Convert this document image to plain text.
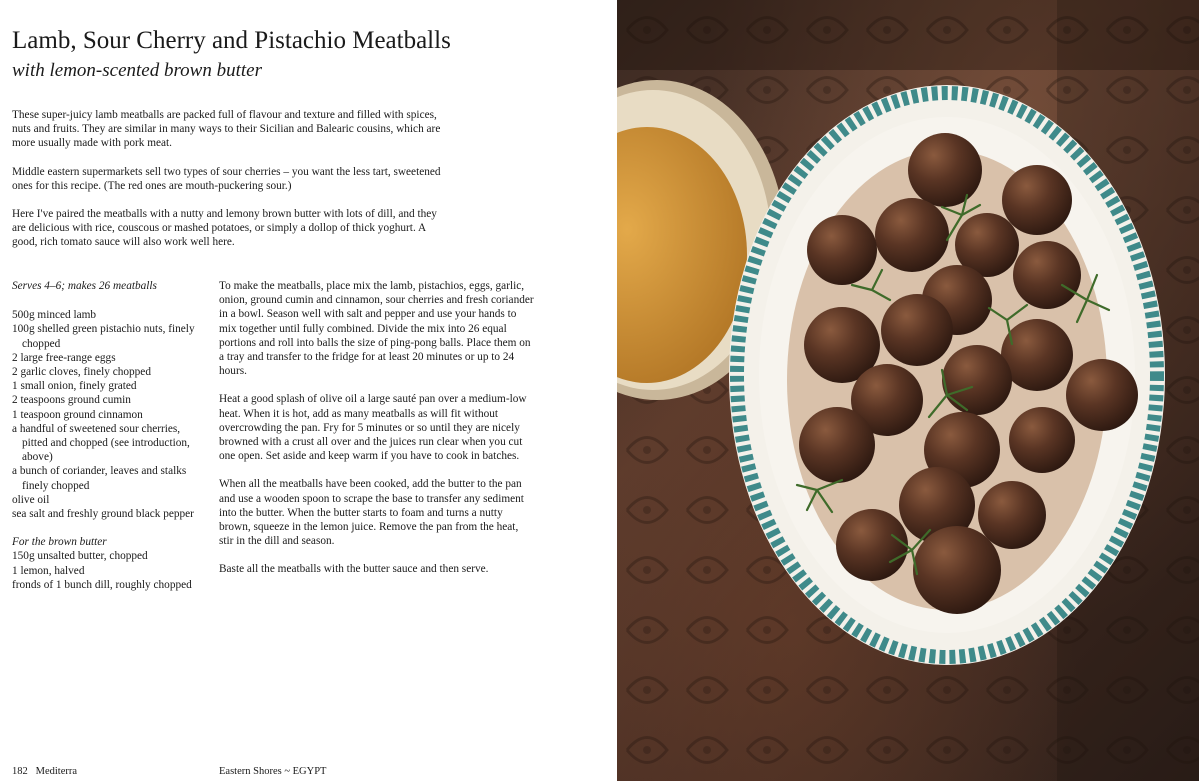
Lamb, Sour Cherry and Pistachio Meatballs
with lemon-scented brown butter

These super-juicy lamb meatballs are packed full of flavour and texture and filled with spices, nuts and fruits. They are similar in many ways to their Sicilian and Balearic cousins, which are more usually made with pork meat.

Middle eastern supermarkets sell two types of sour cherries – you want the less tart, sweetened ones for this recipe. (The red ones are mouth-puckering sour.)

Here I've paired the meatballs with a nutty and lemony brown butter with lots of dill, and they are delicious with rice, couscous or mashed potatoes, or simply a dollop of thick yoghurt. A good, rich tomato sauce will also work well here.

Serves 4–6; makes 26 meatballs
500g minced lamb
100g shelled green pistachio nuts, finely chopped
2 large free-range eggs
2 garlic cloves, finely chopped
1 small onion, finely grated
2 teaspoons ground cumin
1 teaspoon ground cinnamon
a handful of sweetened sour cherries, pitted and chopped (see introduction, above)
a bunch of coriander, leaves and stalks finely chopped
olive oil
sea salt and freshly ground black pepper
For the brown butter
150g unsalted butter, chopped
1 lemon, halved
fronds of 1 bunch dill, roughly chopped

To make the meatballs, place mix the lamb, pistachios, eggs, garlic, onion, ground cumin and cinnamon, sour cherries and fresh coriander in a bowl. Season well with salt and pepper and use your hands to mix together until fully combined. Divide the mix into 26 equal portions and roll into balls the size of ping-pong balls. Place them on a tray and transfer to the fridge for at least 20 minutes or up to 24 hours.

Heat a good splash of olive oil a large sauté pan over a medium-low heat. When it is hot, add as many meatballs as will fit without overcrowding the pan. Fry for 5 minutes or so until they are nicely browned with a crust all over and the juices run clear when you cut one open. Set aside and keep warm if you have to cook in batches.

When all the meatballs have been cooked, add the butter to the pan and use a wooden spoon to scrape the base to transfer any sediment into the butter. When the butter starts to foam and turns a nutty brown, squeeze in the lemon juice. Remove the pan from the heat, stir in the dill and season.

Baste all the meatballs with the butter sauce and then serve.

182 Mediterra	Eastern Shores ~ EGYPT
